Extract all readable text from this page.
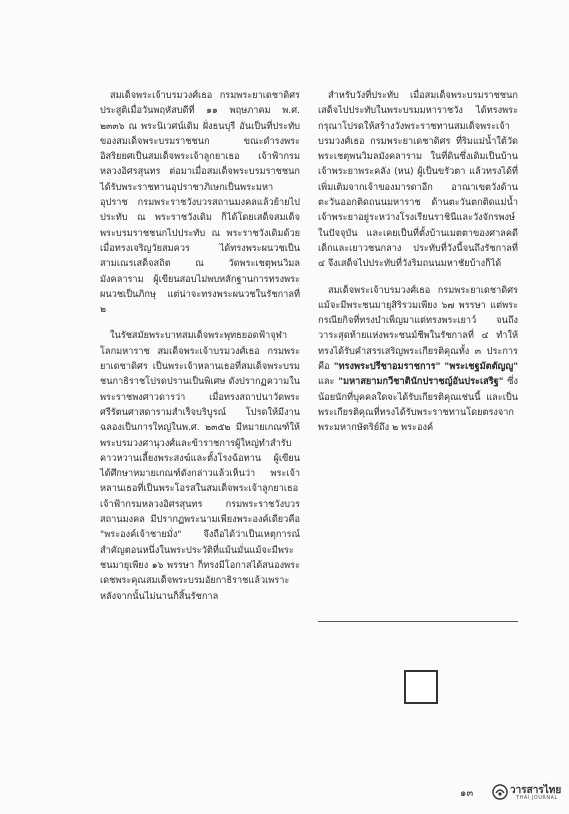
สมเด็จพระเจ้าบรมวงศ์เธอ กรมพระยาเดชาดิศร ประสูติเมื่อวันพฤหัสบดีที่ ๑๑ พฤษภาคม พ.ศ. ๒๓๓๖ ณ พระนิเวศน์เดิม ฝั่งธนบุรี อันเป็นที่ประทับของสมเด็จพระบรมราชชนก ขณะดำรงพระอิสริยยศเป็นสมเด็จพระเจ้าลูกยาเธอ เจ้าฟ้ากรมหลวงอิศรสุนทร ต่อมาเมื่อสมเด็จพระบรมราชชนกได้รับพระราชทานอุปราชาภิเษกเป็นพระมหาอุปราช กรมพระราชวังบวรสถานมงคลแล้วย้ายไปประทับ ณ พระราชวังเดิม ก็ได้โดยเสด็จสมเด็จพระบรมราชชนกไปประทับ ณ พระราชวังเดิมด้วยเมื่อทรงเจริญวัยสมควร ได้ทรงพระผนวชเป็นสามเณรเสด็จสถิต ณ วัดพระเชตุพนวิมลมังคลาราม ผู้เขียนสอบไม่พบหลักฐานการทรงพระผนวชเป็นภิกษุ แต่น่าจะทรงพระผนวชในรัชกาลที่ ๒

ในรัชสมัยพระบาทสมเด็จพระพุทธยอดฟ้าจุฬาโลกมหาราช สมเด็จพระเจ้าบรมวงศ์เธอ กรมพระยาเดชาดิศร เป็นพระเจ้าหลานเธอที่สมเด็จพระบรมชนกาธิราชโปรดปรานเป็นพิเศษ ดังปรากฏความในพระราชพงศาวดารว่า เมื่อทรงสถาปนาวัดพระศรีรัตนศาสดารามสำเร็จบริบูรณ์ โปรดให้มีงานฉลองเป็นการใหญ่ในพ.ศ. ๒๓๕๒ มีหมายเกณฑ์ให้พระบรมวงศานุวงศ์และข้าราชการผู้ใหญ่ทำสำรับคาวหวานเลี้ยงพระสงฆ์และตั้งโรงฉ้อทาน ผู้เขียนได้ศึกษาหมายเกณฑ์ดังกล่าวแล้วเห็นว่า พระเจ้าหลานเธอที่เป็นพระโอรสในสมเด็จพระเจ้าลูกยาเธอ เจ้าฟ้ากรมหลวงอิศรสุนทร กรมพระราชวังบวรสถานมงคล มีปรากฏพระนามเพียงพระองค์เดียวคือ "พระองค์เจ้าชายมั่ง" จึงถือได้ว่าเป็นเหตุการณ์สำคัญตอนหนึ่งในพระประวัติที่แม้นมั่นแม้จะมีพระชนมายุเพียง ๑๖ พรรษา ก็ทรงมีโอกาสได้สนองพระเดชพระคุณสมเด็จพระบรมอัยกาธิราชแล้วเพราะหลังจากนั้นไม่นานก็สิ้นรัชกาล

สำหรับวังที่ประทับ เมื่อสมเด็จพระบรมราชชนกเสด็จไปประทับในพระบรมมหาราชวัง ได้ทรงพระกรุณาโปรดให้สร้างวังพระราชทานสมเด็จพระเจ้าบรมวงศ์เธอ กรมพระยาเดชาดิศร ที่ริมแม่น้ำใต้วัดพระเชตุพนวิมลมังคลาราม ในที่ดินซึ่งเดิมเป็นบ้านเจ้าพระยาพระคลัง (หน) ผู้เป็นขรัวตา แล้วทรงได้ที่เพิ่มเติมจากเจ้าของมารดาอีก อาณาเขตวังด้านตะวันออกติดถนนมหาราช ด้านตะวันตกติดแม่น้ำเจ้าพระยาอยู่ระหว่างโรงเรียนราชินีและวังจักรพงษ์ในปัจจุบัน และเคยเป็นที่ตั้งบ้านเมตตาของศาลคดีเด็กและเยาวชนกลาง ประทับที่วังนี้จนถึงรัชกาลที่ ๔ จึงเสด็จไปประทับที่วังริมถนนมหาชัยบ้างก็ได้

สมเด็จพระเจ้าบรมวงศ์เธอ กรมพระยาเดชาดิศร แม้จะมีพระชนมายุสิริรวมเพียง ๖๗ พรรษา แต่พระกรณียกิจที่ทรงบำเพ็ญมาแต่ทรงพระเยาว์ จนถึงวาระสุดท้ายแห่งพระชนม์ชีพในรัชกาลที่ ๔ ทำให้ทรงได้รับคำสรรเสริญพระเกียรติคุณทั้ง ๓ ประการ คือ "ทรงพระปรีชาอมราชการ" "พระเชฐมัตตัญญู" และ "มหาสยามกวีชาตินักปราชญ์อันประเสริฐ" ซึ่งน้อยนักที่บุคคลใดจะได้รับเกียรติคุณเช่นนี้ และเป็นพระเกียรติคุณที่ทรงได้รับพระราชทานโดยตรงจากพระมหากษัตริย์ถึง ๒ พระองค์

๑๓	วารสารไทย
THAI JOURNAL
